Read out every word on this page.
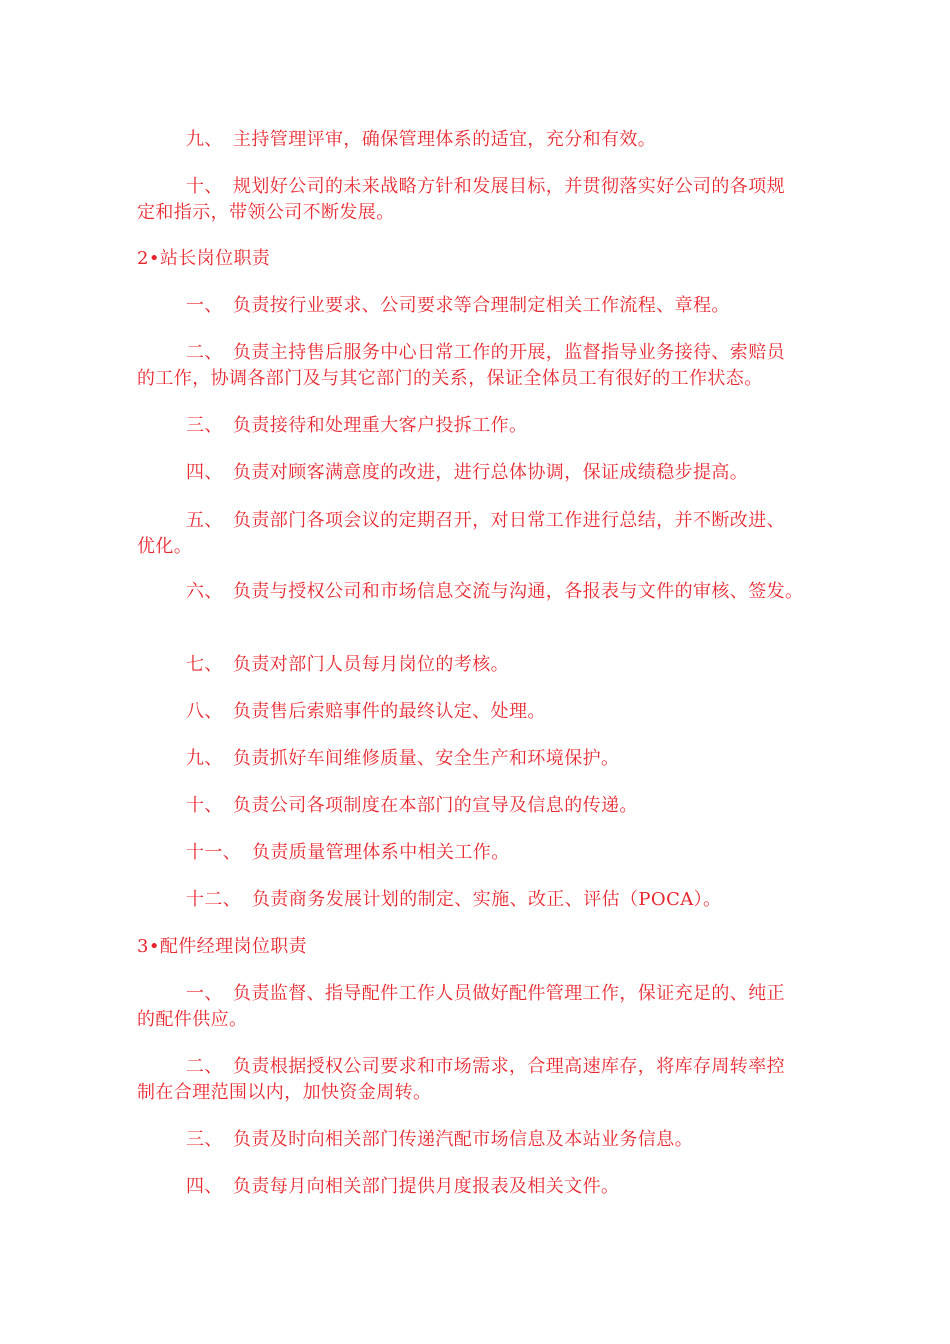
九、 主持管理评审，确保管理体系的适宜，充分和有效。
十、 规划好公司的未来战略方针和发展目标，并贯彻落实好公司的各项规
定和指示，带领公司不断发展。
2•站长岗位职责
一、 负责按行业要求、公司要求等合理制定相关工作流程、章程。
二、 负责主持售后服务中心日常工作的开展，监督指导业务接待、索赔员
的工作，协调各部门及与其它部门的关系，保证全体员工有很好的工作状态。
三、 负责接待和处理重大客户投拆工作。
四、 负责对顾客满意度的改进，进行总体协调，保证成绩稳步提高。
五、 负责部门各项会议的定期召开，对日常工作进行总结，并不断改进、
优化。
六、 负责与授权公司和市场信息交流与沟通，各报表与文件的审核、签发。
七、 负责对部门人员每月岗位的考核。
八、 负责售后索赔事件的最终认定、处理。
九、 负责抓好车间维修质量、安全生产和环境保护。
十、 负责公司各项制度在本部门的宣导及信息的传递。
十一、 负责质量管理体系中相关工作。
十二、 负责商务发展计划的制定、实施、改正、评估（POCA）。
3•配件经理岗位职责
一、 负责监督、指导配件工作人员做好配件管理工作，保证充足的、纯正
的配件供应。
二、 负责根据授权公司要求和市场需求，合理高速库存，将库存周转率控
制在合理范围以内，加快资金周转。
三、 负责及时向相关部门传递汽配市场信息及本站业务信息。
四、 负责每月向相关部门提供月度报表及相关文件。
